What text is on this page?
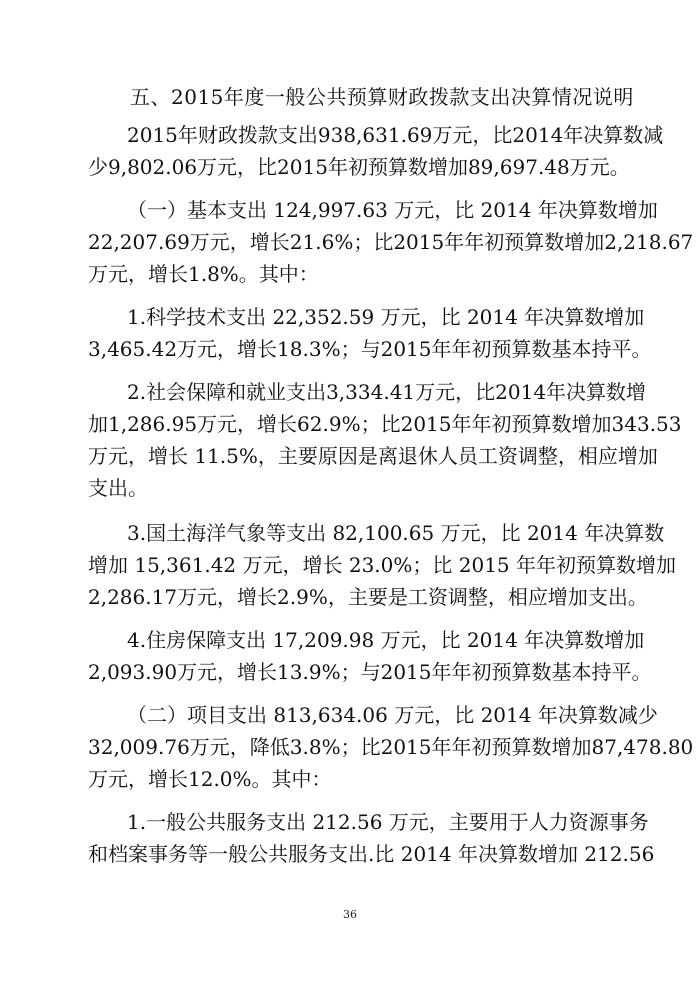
五、2015年度一般公共预算财政拨款支出决算情况说明
2015年财政拨款支出938,631.69万元，比2014年决算数减
少9,802.06万元，比2015年初预算数增加89,697.48万元。
（一）基本支出 124,997.63 万元，比 2014 年决算数增加
22,207.69万元，增长21.6%；比2015年年初预算数增加2,218.67
万元，增长1.8%。其中：
1.科学技术支出 22,352.59 万元，比 2014 年决算数增加
3,465.42万元，增长18.3%；与2015年年初预算数基本持平。
2.社会保障和就业支出3,334.41万元，比2014年决算数增
加1,286.95万元，增长62.9%；比2015年年初预算数增加343.53
万元，增长 11.5%，主要原因是离退休人员工资调整，相应增加
支出。
3.国土海洋气象等支出 82,100.65 万元，比 2014 年决算数
增加 15,361.42 万元，增长 23.0%；比 2015 年年初预算数增加
2,286.17万元，增长2.9%，主要是工资调整，相应增加支出。
4.住房保障支出 17,209.98 万元，比 2014 年决算数增加
2,093.90万元，增长13.9%；与2015年年初预算数基本持平。
（二）项目支出 813,634.06 万元，比 2014 年决算数减少
32,009.76万元，降低3.8%；比2015年年初预算数增加87,478.80
万元，增长12.0%。其中：
1.一般公共服务支出 212.56 万元，主要用于人力资源事务
和档案事务等一般公共服务支出.比 2014 年决算数增加 212.56
36
